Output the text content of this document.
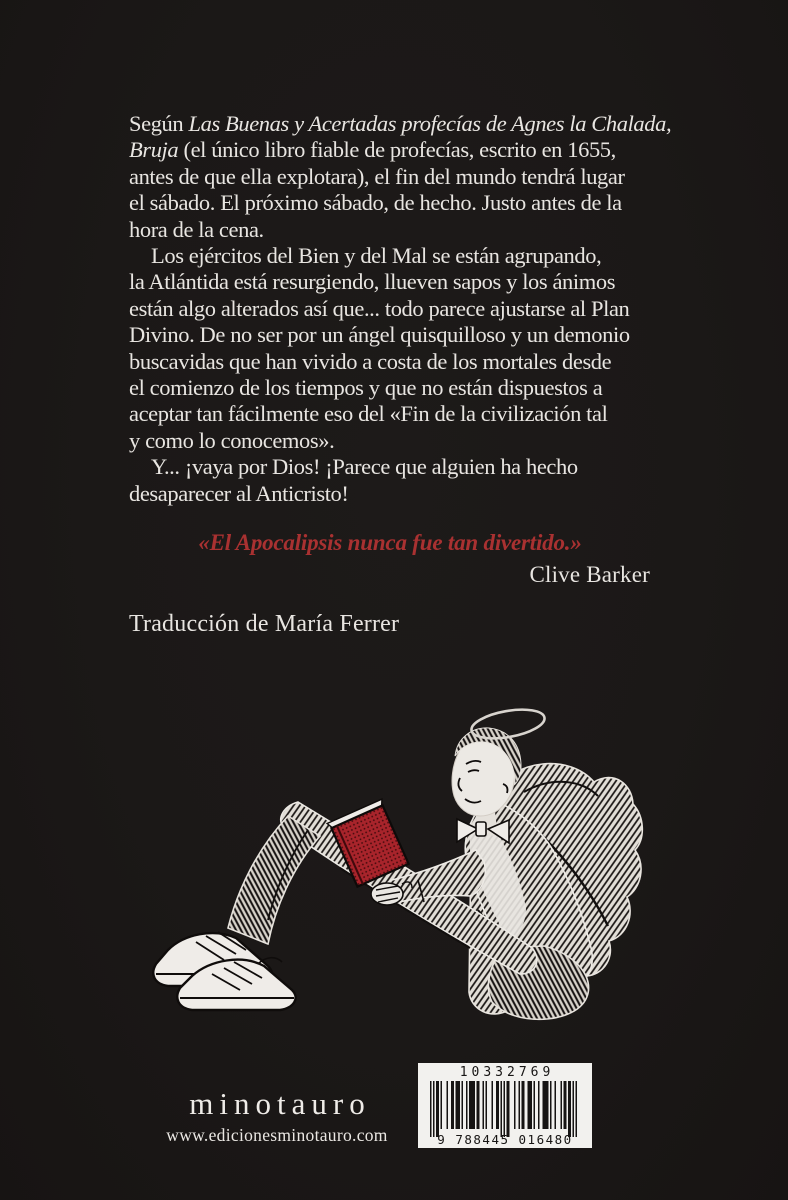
Según Las Buenas y Acertadas profecías de Agnes la Chalada,
Bruja (el único libro fiable de profecías, escrito en 1655,
antes de que ella explotara), el fin del mundo tendrá lugar
el sábado. El próximo sábado, de hecho. Justo antes de la
hora de la cena.
Los ejércitos del Bien y del Mal se están agrupando,
la Atlántida está resurgiendo, llueven sapos y los ánimos
están algo alterados así que... todo parece ajustarse al Plan
Divino. De no ser por un ángel quisquilloso y un demonio
buscavidas que han vivido a costa de los mortales desde
el comienzo de los tiempos y que no están dispuestos a
aceptar tan fácilmente eso del «Fin de la civilización tal
y como lo conocemos».
Y... ¡vaya por Dios! ¡Parece que alguien ha hecho
desaparecer al Anticristo!
«El Apocalipsis nunca fue tan divertido.»
Clive Barker
Traducción de María Ferrer
10332769
9 788445 016480
minotauro
www.edicionesminotauro.com
